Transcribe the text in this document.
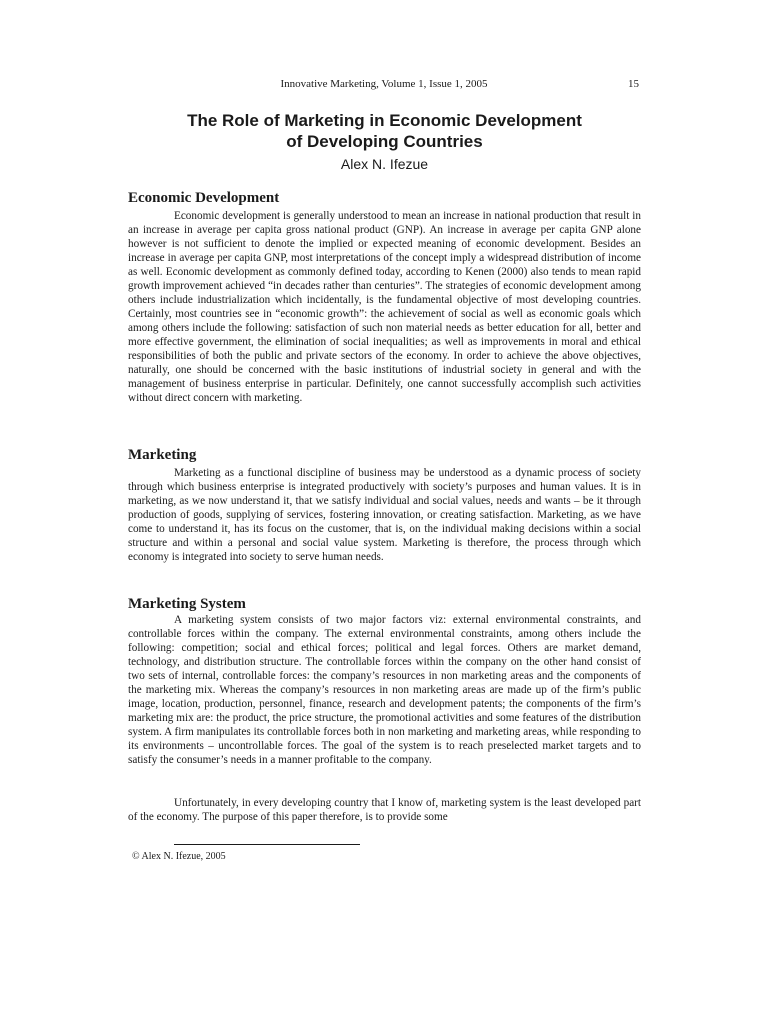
Innovative Marketing, Volume 1, Issue 1, 2005	15
The Role of Marketing in Economic Development
of Developing Countries
Alex N. Ifezue
Economic Development

Economic development is generally understood to mean an increase in national production that result in an increase in average per capita gross national product (GNP). An increase in average per capita GNP alone however is not sufficient to denote the implied or expected meaning of economic development. Besides an increase in average per capita GNP, most interpretations of the concept imply a widespread distribution of income as well. Economic development as commonly defined today, according to Kenen (2000) also tends to mean rapid growth improvement achieved “in decades rather than centuries”. The strategies of economic development among others include industrialization which incidentally, is the fundamental objective of most developing countries. Certainly, most countries see in “economic growth”: the achievement of social as well as economic goals which among others include the following: satisfaction of such non material needs as better education for all, better and more effective government, the elimination of social inequalities; as well as improvements in moral and ethical responsibilities of both the public and private sectors of the economy. In order to achieve the above objectives, naturally, one should be concerned with the basic institutions of industrial society in general and with the management of business enterprise in particular. Definitely, one cannot successfully accomplish such activities without direct concern with marketing.

Marketing

Marketing as a functional discipline of business may be understood as a dynamic process of society through which business enterprise is integrated productively with society’s purposes and human values. It is in marketing, as we now understand it, that we satisfy individual and social values, needs and wants – be it through production of goods, supplying of services, fostering innovation, or creating satisfaction. Marketing, as we have come to understand it, has its focus on the customer, that is, on the individual making decisions within a social structure and within a personal and social value system. Marketing is therefore, the process through which economy is integrated into society to serve human needs.

Marketing System

A marketing system consists of two major factors viz: external environmental constraints, and controllable forces within the company. The external environmental constraints, among others include the following: competition; social and ethical forces; political and legal forces. Others are market demand, technology, and distribution structure. The controllable forces within the company on the other hand consist of two sets of internal, controllable forces: the company’s resources in non marketing areas and the components of the marketing mix. Whereas the company’s resources in non marketing areas are made up of the firm’s public image, location, production, personnel, finance, research and development patents; the components of the firm’s marketing mix are: the product, the price structure, the promotional activities and some features of the distribution system. A firm manipulates its controllable forces both in non marketing and marketing areas, while responding to its environments – uncontrollable forces. The goal of the system is to reach preselected market targets and to satisfy the consumer’s needs in a manner profitable to the company.

Unfortunately, in every developing country that I know of, marketing system is the least developed part of the economy. The purpose of this paper therefore, is to provide some

© Alex N. Ifezue, 2005
